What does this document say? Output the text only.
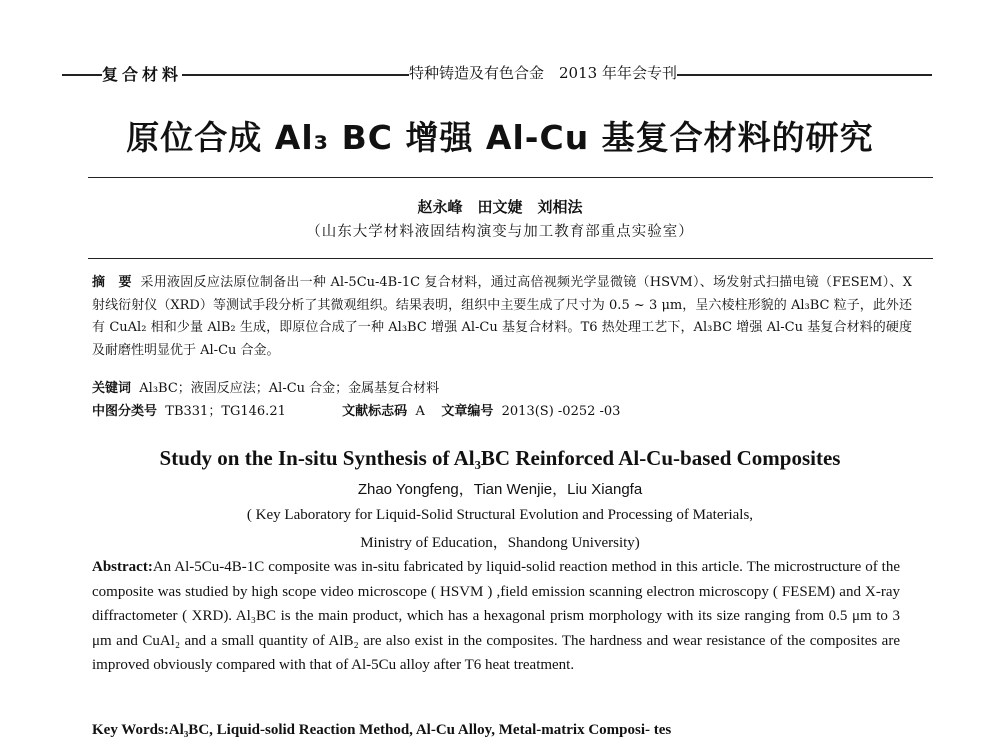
复合材料	特种铸造及有色合金　2013 年年会专刊
原位合成 Al₃ BC 增强 Al-Cu 基复合材料的研究
赵永峰　田文婕　刘相法
（山东大学材料液固结构演变与加工教育部重点实验室）
摘　要 采用液固反应法原位制备出一种 Al-5Cu-4B-1C 复合材料，通过高倍视频光学显微镜（HSVM）、场发射式扫描电镜（FESEM）、X 射线衍射仪（XRD）等测试手段分析了其微观组织。结果表明，组织中主要生成了尺寸为 0.5 ~ 3 μm，呈六棱柱形貌的 Al₃BC 粒子，此外还有 CuAl₂ 相和少量 AlB₂ 生成，即原位合成了一种 Al₃BC 增强 Al-Cu 基复合材料。T6 热处理工艺下，Al₃BC 增强 Al-Cu 基复合材料的硬度及耐磨性明显优于 Al-Cu 合金。
关键词 Al₃BC；液固反应法；Al-Cu 合金；金属基复合材料
中图分类号 TB331；TG146.21	文献标志码 A 文章编号 2013(S) -0252 -03
Study on the In-situ Synthesis of Al₃BC Reinforced Al-Cu-based Composites
Zhao Yongfeng，Tian Wenjie，Liu Xiangfa
( Key Laboratory for Liquid-Solid Structural Evolution and Processing of Materials,
Ministry of Education，Shandong University)
Abstract:An Al-5Cu-4B-1C composite was in-situ fabricated by liquid-solid reaction method in this article. The microstructure of the composite was studied by high scope video microscope ( HSVM ) ,field emission scanning electron microscopy ( FESEM) and X-ray diffractometer ( XRD). Al₃BC is the main product, which has a hexagonal prism morphology with its size ranging from 0.5 μm to 3 μm and CuAl₂ and a small quantity of AlB₂ are also exist in the composites. The hardness and wear resistance of the composites are improved obviously compared with that of Al-5Cu alloy after T6 heat treatment.
Key Words:Al₃BC, Liquid-solid Reaction Method, Al-Cu Alloy, Metal-matrix Composi- tes
